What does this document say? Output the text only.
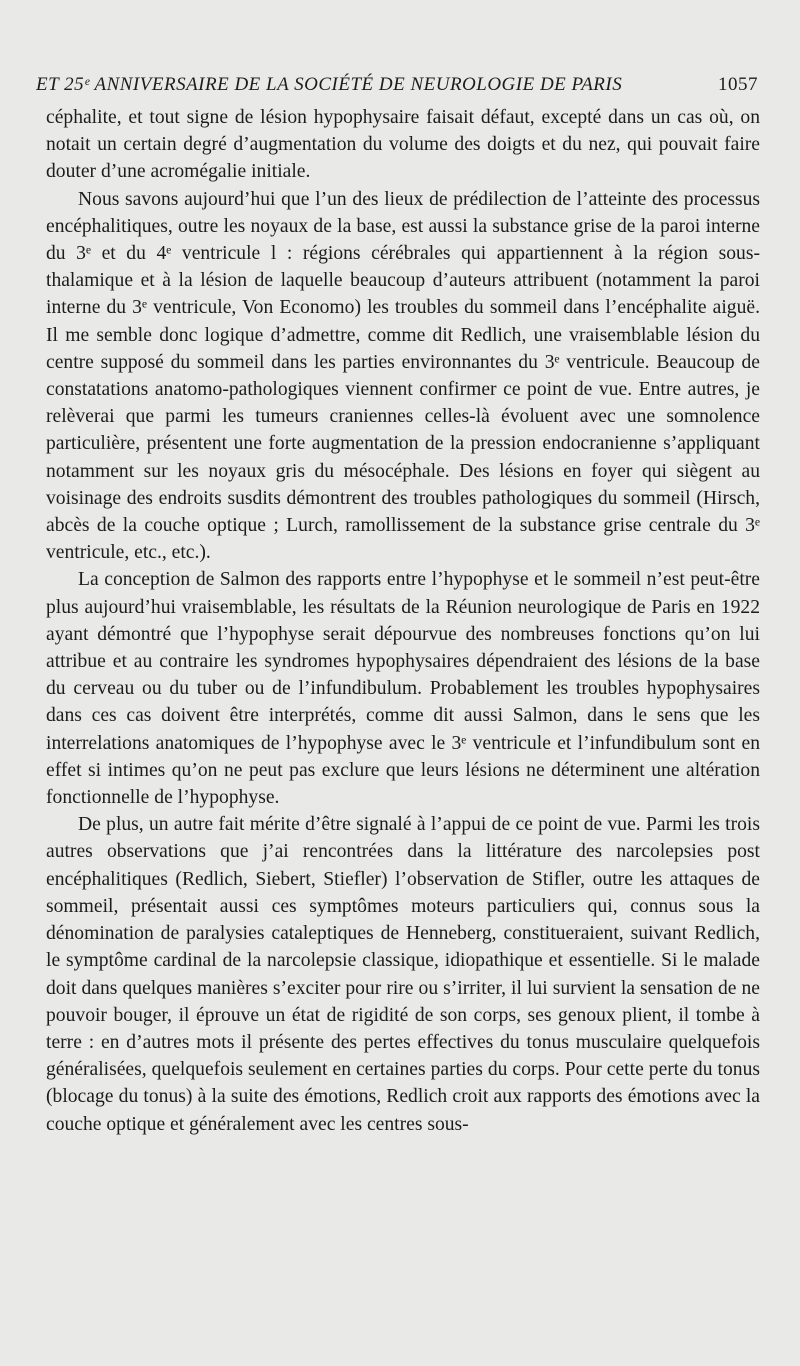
ET 25ᵉ ANNIVERSAIRE DE LA SOCIÉTÉ DE NEUROLOGIE DE PARIS	1057

céphalite, et tout signe de lésion hypophysaire faisait défaut, excepté dans un cas où, on notait un certain degré d’augmentation du volume des doigts et du nez, qui pouvait faire douter d’une acromégalie initiale.

Nous savons aujourd’hui que l’un des lieux de prédilection de l’atteinte des processus encéphalitiques, outre les noyaux de la base, est aussi la substance grise de la paroi interne du 3ᵉ et du 4ᵉ ventricule l : régions cérébrales qui appartiennent à la région sous-thalamique et à la lésion de laquelle beaucoup d’auteurs attribuent (notamment la paroi interne du 3ᵉ ventricule, Von Economo) les troubles du sommeil dans l’encéphalite aiguë. Il me semble donc logique d’admettre, comme dit Redlich, une vraisemblable lésion du centre supposé du sommeil dans les parties environnantes du 3ᵉ ventricule. Beaucoup de constatations anatomo-pathologiques viennent confirmer ce point de vue. Entre autres, je relèverai que parmi les tumeurs craniennes celles-là évoluent avec une somnolence particulière, présentent une forte augmentation de la pression endocranienne s’appliquant notamment sur les noyaux gris du mésocéphale. Des lésions en foyer qui siègent au voisinage des endroits susdits démontrent des troubles pathologiques du sommeil (Hirsch, abcès de la couche optique ; Lurch, ramollissement de la substance grise centrale du 3ᵉ ventricule, etc., etc.).

La conception de Salmon des rapports entre l’hypophyse et le sommeil n’est peut-être plus aujourd’hui vraisemblable, les résultats de la Réunion neurologique de Paris en 1922 ayant démontré que l’hypophyse serait dépourvue des nombreuses fonctions qu’on lui attribue et au contraire les syndromes hypophysaires dépendraient des lésions de la base du cerveau ou du tuber ou de l’infundibulum. Probablement les troubles hypophysaires dans ces cas doivent être interprétés, comme dit aussi Salmon, dans le sens que les interrelations anatomiques de l’hypophyse avec le 3ᵉ ventricule et l’infundibulum sont en effet si intimes qu’on ne peut pas exclure que leurs lésions ne déterminent une altération fonctionnelle de l’hypophyse.

De plus, un autre fait mérite d’être signalé à l’appui de ce point de vue. Parmi les trois autres observations que j’ai rencontrées dans la littérature des narcolepsies post encéphalitiques (Redlich, Siebert, Stiefler) l’observation de Stifler, outre les attaques de sommeil, présentait aussi ces symptômes moteurs particuliers qui, connus sous la dénomination de paralysies cataleptiques de Henneberg, constitueraient, suivant Redlich, le symptôme cardinal de la narcolepsie classique, idiopathique et essentielle. Si le malade doit dans quelques manières s’exciter pour rire ou s’irriter, il lui survient la sensation de ne pouvoir bouger, il éprouve un état de rigidité de son corps, ses genoux plient, il tombe à terre : en d’autres mots il présente des pertes effectives du tonus musculaire quelquefois généralisées, quelquefois seulement en certaines parties du corps. Pour cette perte du tonus (blocage du tonus) à la suite des émotions, Redlich croit aux rapports des émotions avec la couche optique et généralement avec les centres sous-
